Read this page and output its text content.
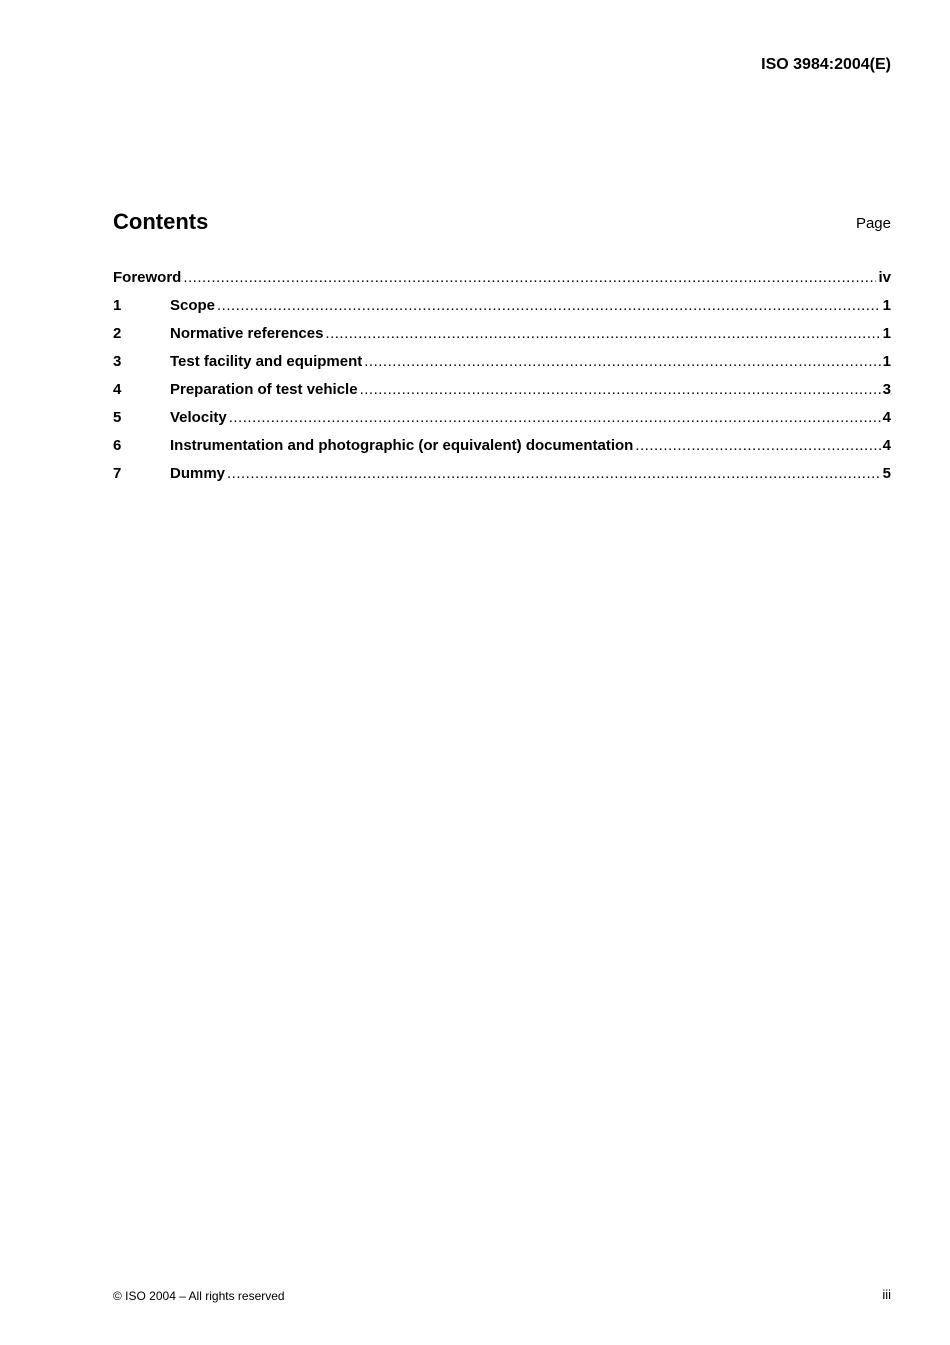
ISO 3984:2004(E)
Contents	Page
Foreword .....	iv
1	Scope .....	1
2	Normative references .....	1
3	Test facility and equipment .....	1
4	Preparation of test vehicle .....	3
5	Velocity .....	4
6	Instrumentation and photographic (or equivalent) documentation .....	4
7	Dummy .....	5
© ISO 2004 – All rights reserved	iii
